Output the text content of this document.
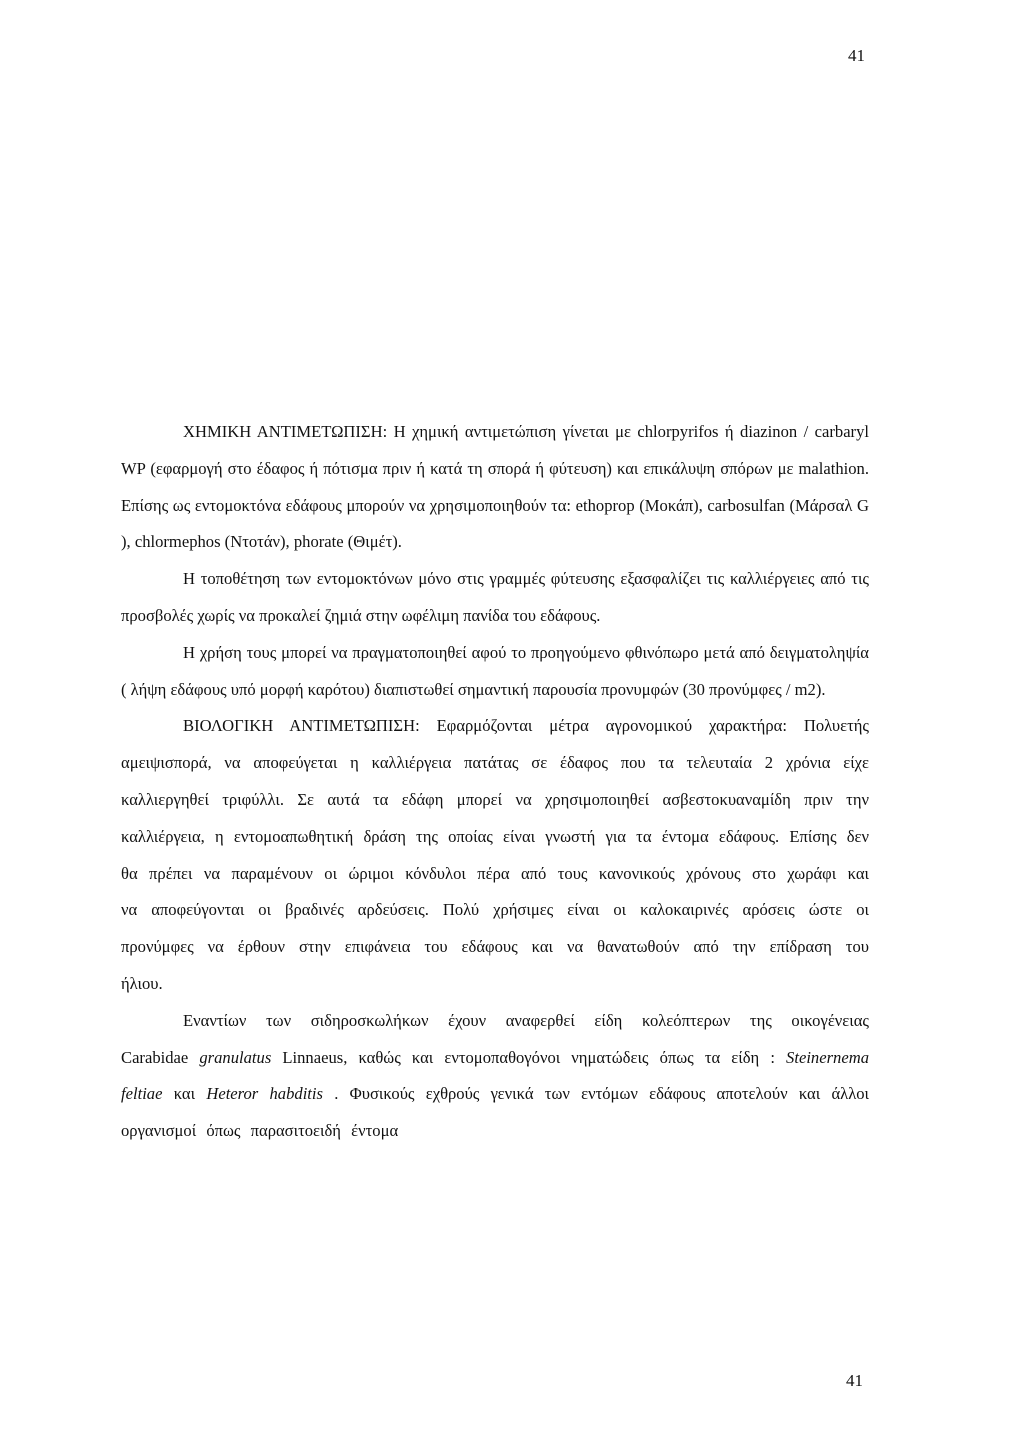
41

ΧΗΜΙΚΗ ΑΝΤΙΜΕΤΩΠΙΣΗ: Η χημική αντιμετώπιση γίνεται με chlorpyrifos ή diazinon / carbaryl WP (εφαρμογή στο έδαφος ή πότισμα πριν ή κατά τη σπορά ή φύτευση) και επικάλυψη σπόρων με malathion. Επίσης ως εντομοκτόνα εδάφους μπορούν να χρησιμοποιηθούν τα: ethoprop (Μοκάπ), carbosulfan (Μάρσαλ G ), chlormephos (Ντοτάν), phorate (Θιμέτ).

Η τοποθέτηση των εντομοκτόνων μόνο στις γραμμές φύτευσης εξασφαλίζει τις καλλιέργειες από τις προσβολές χωρίς να προκαλεί ζημιά στην ωφέλιμη πανίδα του εδάφους.

Η χρήση τους μπορεί να πραγματοποιηθεί αφού το προηγούμενο φθινόπωρο μετά από δειγματοληψία ( λήψη εδάφους υπό μορφή καρότου) διαπιστωθεί σημαντική παρουσία προνυμφών (30 προνύμφες / m2).

ΒΙΟΛΟΓΙΚΗ ΑΝΤΙΜΕΤΩΠΙΣΗ: Εφαρμόζονται μέτρα αγρονομικού χαρακτήρα: Πολυετής αμειψισπορά, να αποφεύγεται η καλλιέργεια πατάτας σε έδαφος που τα τελευταία 2 χρόνια είχε καλλιεργηθεί τριφύλλι. Σε αυτά τα εδάφη μπορεί να χρησιμοποιηθεί ασβεστοκυαναμίδη πριν την καλλιέργεια, η εντομοαπωθητική δράση της οποίας είναι γνωστή για τα έντομα εδάφους. Επίσης δεν θα πρέπει να παραμένουν οι ώριμοι κόνδυλοι πέρα από τους κανονικούς χρόνους στο χωράφι και να αποφεύγονται οι βραδινές αρδεύσεις. Πολύ χρήσιμες είναι οι καλοκαιρινές αρόσεις ώστε οι προνύμφες να έρθουν στην επιφάνεια του εδάφους και να θανατωθούν από την επίδραση του ήλιου.

Εναντίων των σιδηροσκωλήκων έχουν αναφερθεί είδη κολεόπτερων της οικογένειας Carabidae granulatus Linnaeus, καθώς και εντομοπαθογόνοι νηματώδεις όπως τα είδη : Steinernema feltiae και Heteror habditis . Φυσικούς εχθρούς γενικά των εντόμων εδάφους αποτελούν και άλλοι οργανισμοί όπως παρασιτοειδή έντομα

41
